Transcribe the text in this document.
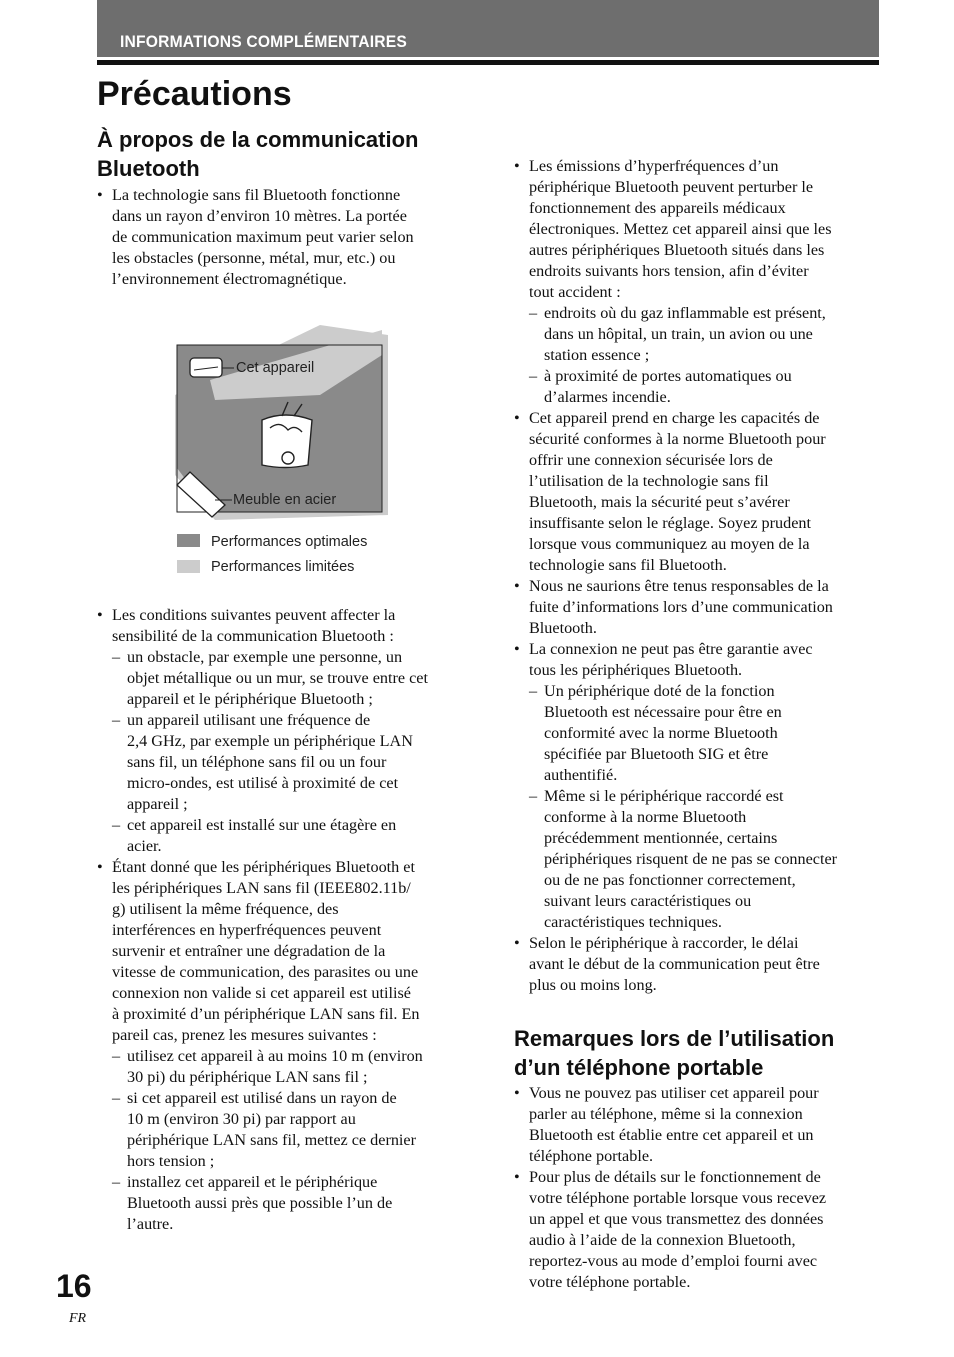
INFORMATIONS COMPLÉMENTAIRES
Précautions
À propos de la communication
Bluetooth
• La technologie sans fil Bluetooth fonctionne
dans un rayon d’environ 10 mètres. La portée
de communication maximum peut varier selon
les obstacles (personne, métal, mur, etc.) ou
l’environnement électromagnétique.
Cet appareil
Meuble en acier
Performances optimales
Performances limitées
• Les conditions suivantes peuvent affecter la
sensibilité de la communication Bluetooth :
– un obstacle, par exemple une personne, un
objet métallique ou un mur, se trouve entre cet
appareil et le périphérique Bluetooth ;
– un appareil utilisant une fréquence de
2,4 GHz, par exemple un périphérique LAN
sans fil, un téléphone sans fil ou un four
micro-ondes, est utilisé à proximité de cet
appareil ;
– cet appareil est installé sur une étagère en
acier.
• Étant donné que les périphériques Bluetooth et
les périphériques LAN sans fil (IEEE802.11b/
g) utilisent la même fréquence, des
interférences en hyperfréquences peuvent
survenir et entraîner une dégradation de la
vitesse de communication, des parasites ou une
connexion non valide si cet appareil est utilisé
à proximité d’un périphérique LAN sans fil. En
pareil cas, prenez les mesures suivantes :
– utilisez cet appareil à au moins 10 m (environ
30 pi) du périphérique LAN sans fil ;
– si cet appareil est utilisé dans un rayon de
10 m (environ 30 pi) par rapport au
périphérique LAN sans fil, mettez ce dernier
hors tension ;
– installez cet appareil et le périphérique
Bluetooth aussi près que possible l’un de
l’autre.
• Les émissions d’hyperfréquences d’un
périphérique Bluetooth peuvent perturber le
fonctionnement des appareils médicaux
électroniques. Mettez cet appareil ainsi que les
autres périphériques Bluetooth situés dans les
endroits suivants hors tension, afin d’éviter
tout accident :
– endroits où du gaz inflammable est présent,
dans un hôpital, un train, un avion ou une
station essence ;
– à proximité de portes automatiques ou
d’alarmes incendie.
• Cet appareil prend en charge les capacités de
sécurité conformes à la norme Bluetooth pour
offrir une connexion sécurisée lors de
l’utilisation de la technologie sans fil
Bluetooth, mais la sécurité peut s’avérer
insuffisante selon le réglage. Soyez prudent
lorsque vous communiquez au moyen de la
technologie sans fil Bluetooth.
• Nous ne saurions être tenus responsables de la
fuite d’informations lors d’une communication
Bluetooth.
• La connexion ne peut pas être garantie avec
tous les périphériques Bluetooth.
– Un périphérique doté de la fonction
Bluetooth est nécessaire pour être en
conformité avec la norme Bluetooth
spécifiée par Bluetooth SIG et être
authentifié.
– Même si le périphérique raccordé est
conforme à la norme Bluetooth
précédemment mentionnée, certains
périphériques risquent de ne pas se connecter
ou de ne pas fonctionner correctement,
suivant leurs caractéristiques ou
caractéristiques techniques.
• Selon le périphérique à raccorder, le délai
avant le début de la communication peut être
plus ou moins long.
Remarques lors de l’utilisation
d’un téléphone portable
• Vous ne pouvez pas utiliser cet appareil pour
parler au téléphone, même si la connexion
Bluetooth est établie entre cet appareil et un
téléphone portable.
• Pour plus de détails sur le fonctionnement de
votre téléphone portable lorsque vous recevez
un appel et que vous transmettez des données
audio à l’aide de la connexion Bluetooth,
reportez-vous au mode d’emploi fourni avec
votre téléphone portable.
16
FR
